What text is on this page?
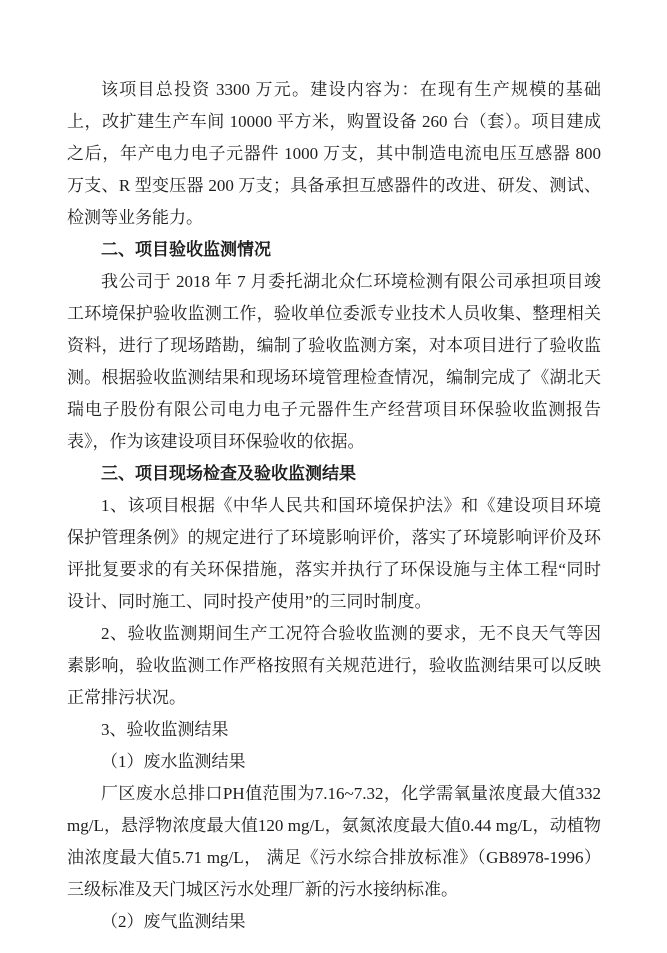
该项目总投资 3300 万元。建设内容为：在现有生产规模的基础上，改扩建生产车间 10000 平方米，购置设备 260 台（套）。项目建成之后，年产电力电子元器件 1000 万支，其中制造电流电压互感器 800 万支、R 型变压器 200 万支；具备承担互感器件的改进、研发、测试、检测等业务能力。

二、项目验收监测情况

我公司于 2018 年 7 月委托湖北众仁环境检测有限公司承担项目竣工环境保护验收监测工作，验收单位委派专业技术人员收集、整理相关资料，进行了现场踏勘，编制了验收监测方案，对本项目进行了验收监测。根据验收监测结果和现场环境管理检查情况，编制完成了《湖北天瑞电子股份有限公司电力电子元器件生产经营项目环保验收监测报告表》，作为该建设项目环保验收的依据。

三、项目现场检查及验收监测结果

1、该项目根据《中华人民共和国环境保护法》和《建设项目环境保护管理条例》的规定进行了环境影响评价，落实了环境影响评价及环评批复要求的有关环保措施，落实并执行了环保设施与主体工程“同时设计、同时施工、同时投产使用”的三同时制度。

2、验收监测期间生产工况符合验收监测的要求，无不良天气等因素影响，验收监测工作严格按照有关规范进行，验收监测结果可以反映正常排污状况。

3、验收监测结果

（1）废水监测结果

厂区废水总排口PH值范围为7.16~7.32，化学需氧量浓度最大值332 mg/L，悬浮物浓度最大值120 mg/L，氨氮浓度最大值0.44 mg/L，动植物油浓度最大值5.71 mg/L， 满足《污水综合排放标准》（GB8978-1996）三级标准及天门城区污水处理厂新的污水接纳标准。

（2）废气监测结果
